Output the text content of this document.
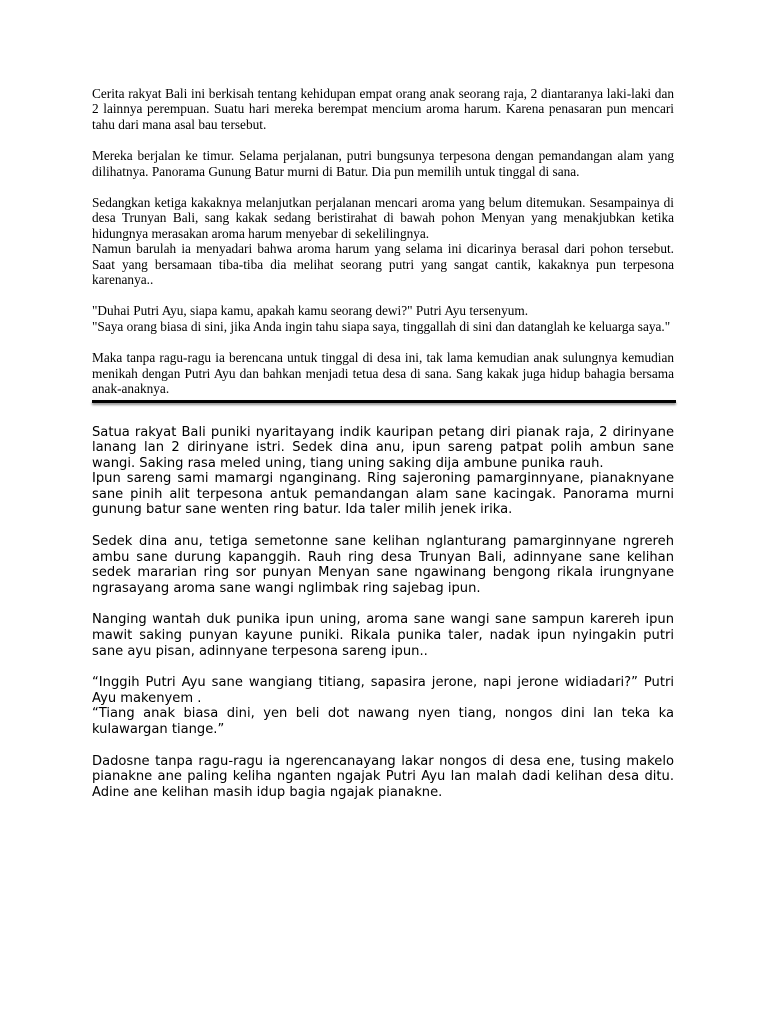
Cerita rakyat Bali ini berkisah tentang kehidupan empat orang anak seorang raja, 2 diantaranya laki-laki dan 2 lainnya perempuan. Suatu hari mereka berempat mencium aroma harum. Karena penasaran pun mencari tahu dari mana asal bau tersebut.

Mereka berjalan ke timur. Selama perjalanan, putri bungsunya terpesona dengan pemandangan alam yang dilihatnya. Panorama Gunung Batur murni di Batur. Dia pun memilih untuk tinggal di sana.

Sedangkan ketiga kakaknya melanjutkan perjalanan mencari aroma yang belum ditemukan. Sesampainya di desa Trunyan Bali, sang kakak sedang beristirahat di bawah pohon Menyan yang menakjubkan ketika hidungnya merasakan aroma harum menyebar di sekelilingnya.

Namun barulah ia menyadari bahwa aroma harum yang selama ini dicarinya berasal dari pohon tersebut. Saat yang bersamaan tiba-tiba dia melihat seorang putri yang sangat cantik, kakaknya pun terpesona karenanya..

"Duhai Putri Ayu, siapa kamu, apakah kamu seorang dewi?" Putri Ayu tersenyum.

"Saya orang biasa di sini, jika Anda ingin tahu siapa saya, tinggallah di sini dan datanglah ke keluarga saya."

Maka tanpa ragu-ragu ia berencana untuk tinggal di desa ini, tak lama kemudian anak sulungnya kemudian menikah dengan Putri Ayu dan bahkan menjadi tetua desa di sana. Sang kakak juga hidup bahagia bersama anak-anaknya.

Satua rakyat Bali puniki nyaritayang indik kauripan petang diri pianak raja, 2 dirinyane lanang lan 2 dirinyane istri. Sedek dina anu, ipun sareng patpat polih ambun sane wangi. Saking rasa meled uning, tiang uning saking dija ambune punika rauh.

Ipun sareng sami mamargi nganginang. Ring sajeroning pamarginnyane, pianaknyane sane pinih alit terpesona antuk pemandangan alam sane kacingak. Panorama murni gunung batur sane wenten ring batur. Ida taler milih jenek irika.

Sedek dina anu, tetiga semetonne sane kelihan nglanturang pamarginnyane ngrereh ambu sane durung kapanggih. Rauh ring desa Trunyan Bali, adinnyane sane kelihan sedek mararian ring sor punyan Menyan sane ngawinang bengong rikala irungnyane ngrasayang aroma sane wangi nglimbak ring sajebag ipun.

Nanging wantah duk punika ipun uning, aroma sane wangi sane sampun karereh ipun mawit saking punyan kayune puniki. Rikala punika taler, nadak ipun nyingakin putri sane ayu pisan, adinnyane terpesona sareng ipun..

“Inggih Putri Ayu sane wangiang titiang, sapasira jerone, napi jerone widiadari?” Putri Ayu makenyem .

“Tiang anak biasa dini, yen beli dot nawang nyen tiang, nongos dini lan teka ka kulawargan tiange.”

Dadosne tanpa ragu-ragu ia ngerencanayang lakar nongos di desa ene, tusing makelo pianakne ane paling keliha nganten ngajak Putri Ayu lan malah dadi kelihan desa ditu. Adine ane kelihan masih idup bagia ngajak pianakne.
